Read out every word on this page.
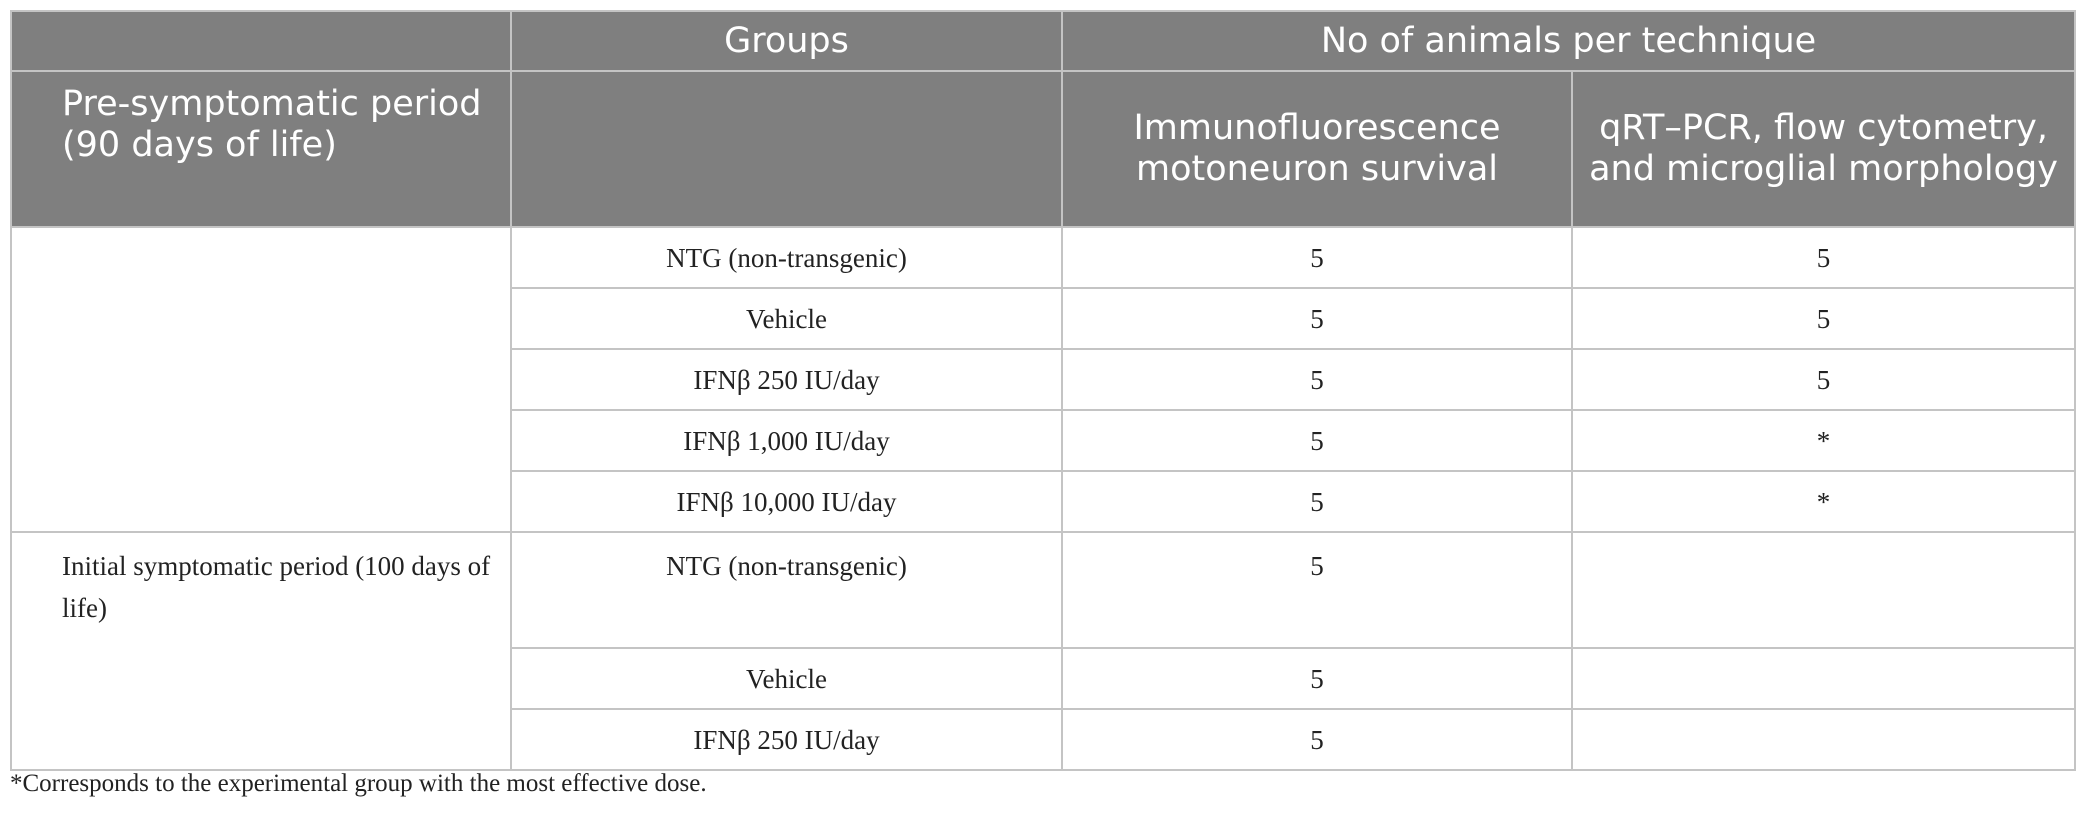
	Groups	No of animals per technique	
Pre-symptomatic period (90 days of life)		Immunofluorescence motoneuron survival	qRT–PCR, flow cytometry, and microglial morphology
	NTG (non-transgenic)	5	5
	Vehicle	5	5
	IFNβ 250 IU/day	5	5
	IFNβ 1,000 IU/day	5	*
	IFNβ 10,000 IU/day	5	*
Initial symptomatic period (100 days of life)	NTG (non-transgenic)	5	
	Vehicle	5	
	IFNβ 250 IU/day	5	
*Corresponds to the experimental group with the most effective dose.
